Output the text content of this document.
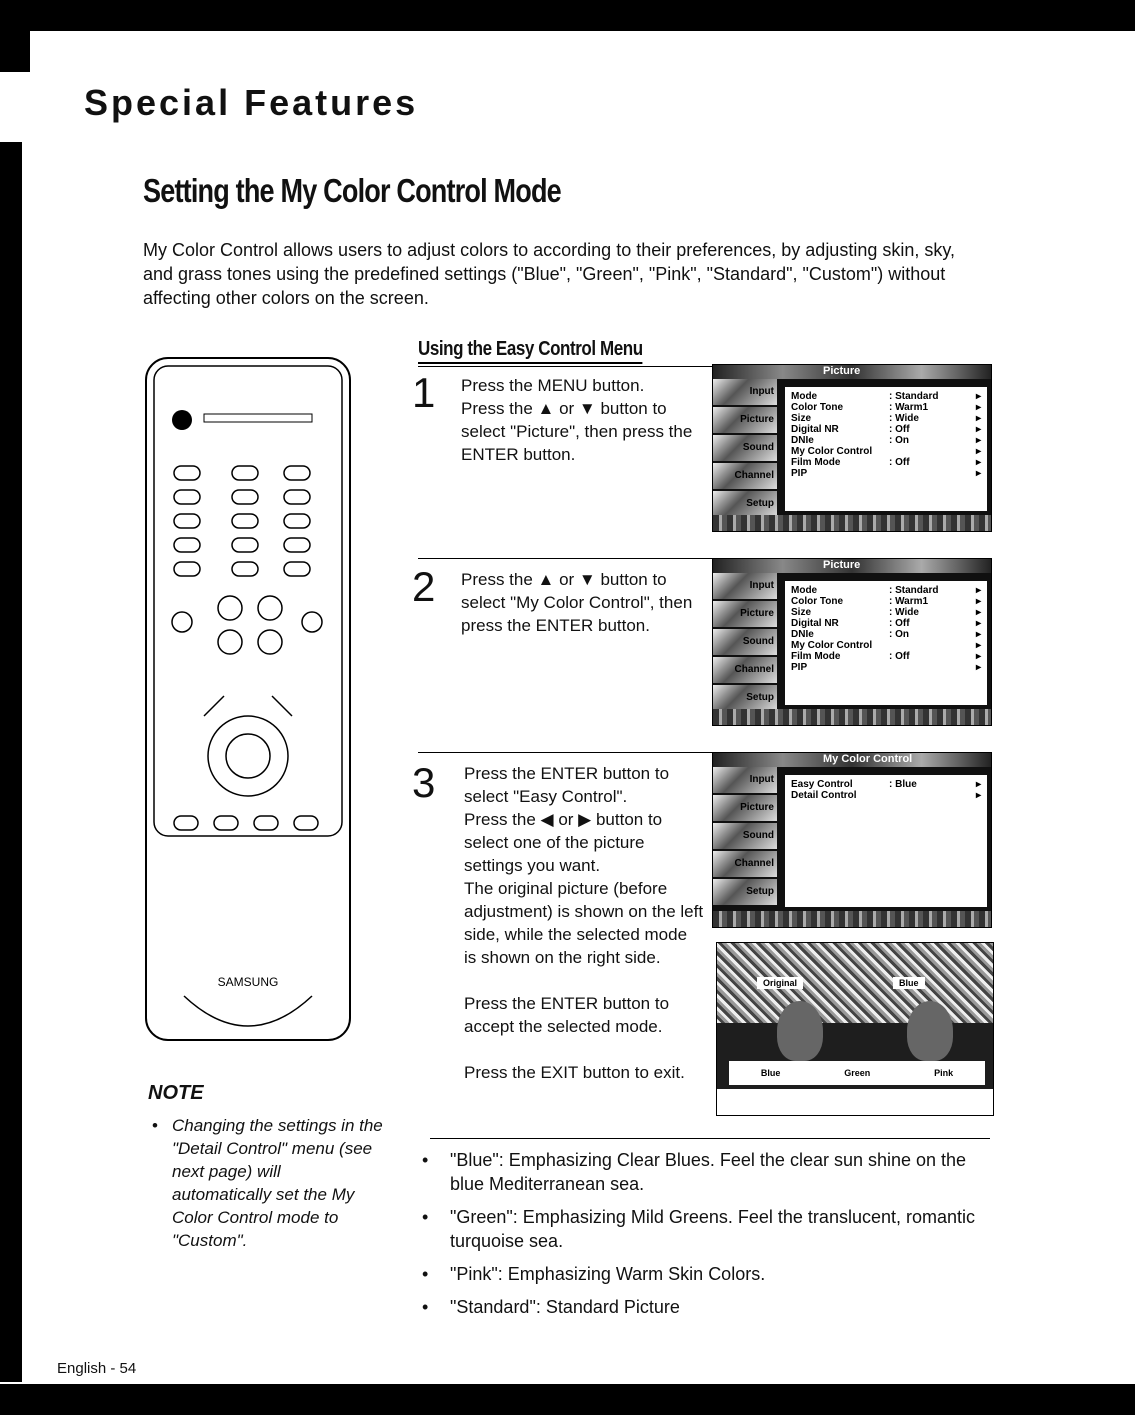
Special Features
Setting the My Color Control Mode

My Color Control allows users to adjust colors to according to their preferences, by adjusting skin, sky, and grass tones using the predefined settings ("Blue", "Green", "Pink", "Standard", "Custom") without affecting other colors on the screen.

SAMSUNG
NOTE

• Changing the settings in the "Detail Control" menu (see next page) will automatically set the My Color Control mode to "Custom".

Using the Easy Control Menu
1 Press the MENU button.

Press the ▲ or ▼ button to select "Picture", then press the ENTER button.

Picture
Input
Picture
Sound
Channel
Setup
Mode	: Standard	▸
Color Tone	: Warm1	▸
Size	: Wide	▸
Digital NR	: Off	▸
DNIe	: On	▸
My Color Control	▸
Film Mode	: Off	▸
PIP	▸
2 Press the ▲ or ▼ button to select "My Color Control", then press the ENTER button.

Picture
Input
Picture
Sound
Channel
Setup
Mode	: Standard	▸
Color Tone	: Warm1	▸
Size	: Wide	▸
Digital NR	: Off	▸
DNIe	: On	▸
My Color Control	▸
Film Mode	: Off	▸
PIP	▸
3 Press the ENTER button to select "Easy Control".

Press the ◀ or ▶ button to select one of the picture settings you want.

The original picture (before adjustment) is shown on the left side, while the selected mode is shown on the right side.

Press the ENTER button to accept the selected mode.

Press the EXIT button to exit.

My Color Control
Input
Picture
Sound
Channel
Setup
Easy Control	: Blue	▸
Detail Control	▸
Original	Blue
Blue	Green	Pink
• "Blue": Emphasizing Clear Blues. Feel the clear sun shine on the blue Mediterranean sea.
• "Green": Emphasizing Mild Greens. Feel the translucent, romantic turquoise sea.
• "Pink": Emphasizing Warm Skin Colors.
• "Standard": Standard Picture
English - 54
